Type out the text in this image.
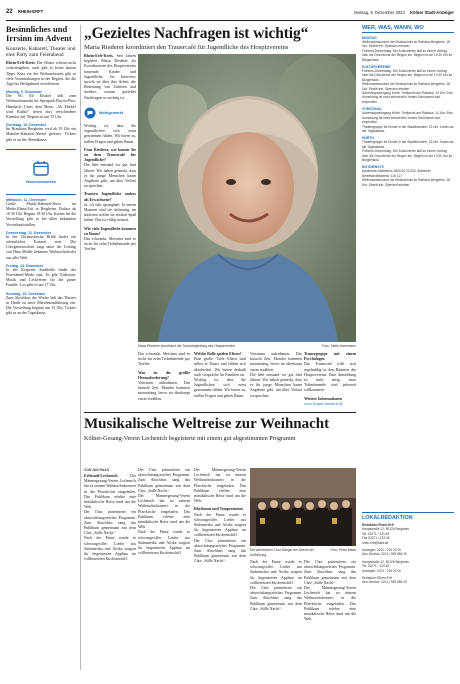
22 RHEIN-ERFT	Montag, 9. Dezember 2024 Kölner Stadt-Anzeiger
Besinnliches und Irrsinn im Advent
Konzerte, Kabarett, Theater und eine Party zum Feierabend
Rhein-Erft-Kreis. Der Winter scheint nicht vorbeizugehen, auch gibt es keine akuten Tipps. Kurz vor der Weihnachtszeit gibt es viele Veranstaltungen in der Region, die die Tage bis Heiligabend verschönern.
Montag, 9. Dezember
Die SG Alt Elsdorf lädt zum Weihnachtsmarkt im Sportpark Pfarrer-Pütz, Hambach. Unter dem Motto „Alt Elsdorf wird Kultur“ treten dort verschiedene Künstler auf. Beginn ist um 15 Uhr.
Dienstag, 10. Dezember
Im Brauhaus Bergheim wird ab 19 Uhr ein Mundart-Kabarett-Abend gefeiert. Tickets gibt es an der Abendkasse.
Wochenauslese
Mittwoch, 11. Dezember
Große Musik-Kabarett-Show im Medio.Rhein.Erft in Bergheim. Einlass ab 18.30 Uhr, Beginn 19.30 Uhr. Karten für die Vorstellung gibt es bei allen bekannten Vorverkaufsstellen.
Donnerstag, 12. Dezember
In der Christuskirche Brühl findet ein adventliches Konzert statt. Die Chorgemeinschaft singt unter der Leitung von Hans Müller bekannte Weihnachtslieder aus aller Welt.
Freitag, 13. Dezember
In der Kerpener Stadthalle findet der Feierabend-Markt statt. Es gibt Glühwein, Musik und Leckereien für die ganze Familie. Los geht es um 17 Uhr.
Sonntag, 15. Dezember
Zum Abschluss der Woche lädt das Theater in Hürth zu einer Märchenaufführung ein. Die Vorstellung beginnt um 15 Uhr, Tickets gibt es an der Tageskasse.
„Gezieltes Nachfragen ist wichtig“
Maria Riederer koordiniert den Trauercafé für Jugendliche des Hospizvereins
Rhein-Erft-Kreis. Seit Jahren begleitet Maria Riederer als Koordinatorin des Hospizvereins trauernde Kinder und Jugendliche. Im Interview spricht sie über ihre Arbeit, die Bedeutung von Zuhören und darüber, warum gezieltes Nachfragen so wichtig ist.
Wohlgemerkt
Maria Riederer koordiniert die Trauerbegleitung des Hospizvereins.	Foto: Stella Harrsmann
Wichtig ist, dass die Jugendlichen sich ernst genommen fühlen. Wir hören zu, stellen Fragen und geben Raum.
Frau Riederer, wie kamen Sie zu dem Trauercafé für Jugendliche?
Die Idee entstand vor gut fünf Jahren. Wir haben gemerkt, dass es für junge Menschen kaum Angebote gibt, um über Verlust zu sprechen.
Trauern Jugendliche anders als Erwachsene?
Ja, oft sehr sprunghaft. In einem Moment sind sie tieftraurig, im nächsten wollen sie einfach Spaß haben. Das ist völlig normal.
Wie viele Jugendliche kommen zu Ihnen?
Das schwankt. Meistens sind es sechs bis zehn Teilnehmende pro Treffen.
Das schwankt. Meistens sind es sechs bis zehn Teilnehmende pro Treffen.
Was ist die größte Herausforderung?
Vertrauen aufzubauen. Das braucht Zeit. Manche kommen monatelang, bevor sie überhaupt etwas erzählen.
Welche Rolle spielen Eltern?
Eine große. Viele Eltern sind selbst in Trauer und fühlen sich überfordert. Wir bieten deshalb auch Gespräche für Familien an.
Wichtig ist, dass die Jugendlichen sich ernst genommen fühlen. Wir hören zu, stellen Fragen und geben Raum.
Vertrauen aufzubauen. Das braucht Zeit. Manche kommen monatelang, bevor sie überhaupt etwas erzählen.
Die Idee entstand vor gut fünf Jahren. Wir haben gemerkt, dass es für junge Menschen kaum Angebote gibt, um über Verlust zu sprechen.
Trauergruppe mit einem Psychologen
Das Trauercafé trifft sich regelmäßig in den Räumen des Hospizvereins. Eine Anmeldung ist nicht nötig, neue Teilnehmende sind jederzeit willkommen.
Weitere Informationen
www.hospiz-rheinerft.de
Musikalische Weltreise zur Weihnacht
Kölner-Gesang-Verein Lechenich begeisterte mit einem gut abgestimmten Programm
VON JAN HAAS
Erftstadt-Lechenich. Der Männergesang-Verein Lechenich hat zu seinem Weihnachtskonzert in die Pfarrkirche eingeladen. Das Publikum erlebte eine musikalische Reise rund um die Welt.
Der Chor präsentierte ein abwechslungsreiches Programm. Zum Abschluss sang das Publikum gemeinsam mit dem Chor „Stille Nacht“.
Nach der Pause wurde es schwungvoller. Lieder aus Südamerika und Afrika sorgten für begeisterten Applaus im vollbesetzten Kirchenschiff.
Der Chor präsentierte ein abwechslungsreiches Programm. Zum Abschluss sang das Publikum gemeinsam mit dem Chor „Stille Nacht“.
Der Männergesang-Verein Lechenich hat zu seinem Weihnachtskonzert in die Pfarrkirche eingeladen. Das Publikum erlebte eine musikalische Reise rund um die Welt.
Nach der Pause wurde es schwungvoller. Lieder aus Südamerika und Afrika sorgten für begeisterten Applaus im vollbesetzten Kirchenschiff.
Der Männergesang-Verein Lechenich hat zu seinem Weihnachtskonzert in die Pfarrkirche eingeladen. Das Publikum erlebte eine musikalische Reise rund um die Welt.
Rhythmus und Temperament
Nach der Pause wurde es schwungvoller. Lieder aus Südamerika und Afrika sorgten für begeisterten Applaus im vollbesetzten Kirchenschiff.
Der Chor präsentierte ein abwechslungsreiches Programm. Zum Abschluss sang das Publikum gemeinsam mit dem Chor „Stille Nacht“.
Die zahlreichen Chor-Sänger am Abend der Aufführung.
Foto: Petra Waas
Nach der Pause wurde es schwungvoller. Lieder aus Südamerika und Afrika sorgten für begeisterten Applaus im vollbesetzten Kirchenschiff.
Der Chor präsentierte ein abwechslungsreiches Programm. Zum Abschluss sang das Publikum gemeinsam mit dem Chor „Stille Nacht“.
Der Chor präsentierte ein abwechslungsreiches Programm. Zum Abschluss sang das Publikum gemeinsam mit dem Chor „Stille Nacht“.
Der Männergesang-Verein Lechenich hat zu seinem Weihnachtskonzert in die Pfarrkirche eingeladen. Das Publikum erlebte eine musikalische Reise rund um die Welt.
WER, WAS, WANN, WO
MONTAG
Weihnachtskonzert der Musikschule im Rathaus Bergheim, 18 Uhr. Eintritt frei, Spenden erbeten.
Pulheim-Donnerstag. Der Kulturverein lädt zu einem Vortrag über die Geschichte der Region ein. Beginn ist um 19.30 Uhr im Bürgerhaus.
KULTURVEREINE
Pulheim-Donnerstag. Der Kulturverein lädt zu einem Vortrag über die Geschichte der Region ein. Beginn ist um 19.30 Uhr im Bürgerhaus.
Weihnachtskonzert der Musikschule im Rathaus Bergheim, 18 Uhr. Eintritt frei, Spenden erbeten.
Adventsspaziergang Hürth: Treffpunkt am Rathaus, 14 Uhr. Eine Anmeldung ist nicht erforderlich, festes Schuhwerk wird empfohlen.
VORSCHAU
Adventsspaziergang Hürth: Treffpunkt am Rathaus, 14 Uhr. Eine Anmeldung ist nicht erforderlich, festes Schuhwerk wird empfohlen.
Theatergruppe für Kinder in der Stadtbücherei, 15 Uhr. Karten an der Tageskasse.
HÜRTH
Theatergruppe für Kinder in der Stadtbücherei, 15 Uhr. Karten an der Tageskasse.
Pulheim-Donnerstag. Der Kulturverein lädt zu einem Vortrag über die Geschichte der Region ein. Beginn ist um 19.30 Uhr im Bürgerhaus.
NOTDIENSTE
Apotheken-Notdienst: 0800 00 22 833. Ärztlicher Bereitschaftsdienst: 116 117.
Weihnachtskonzert der Musikschule im Rathaus Bergheim, 18 Uhr. Eintritt frei, Spenden erbeten.
LOKALREDAKTION
Redaktion Rhein-Erft
Hauptstraße 12, 50126 Bergheim
Tel. 02271 / 123 45
Fax 02271 / 123 46
rhein-erft@ksta.de
Anzeigen: 0221 / 224 24 00
Abo-Service: 0221 / 925 864 20
Hauptstraße 12, 50126 Bergheim
Tel. 02271 / 123 45
Anzeigen: 0221 / 224 24 00
Redaktion Rhein-Erft
Abo-Service: 0221 / 925 864 20
